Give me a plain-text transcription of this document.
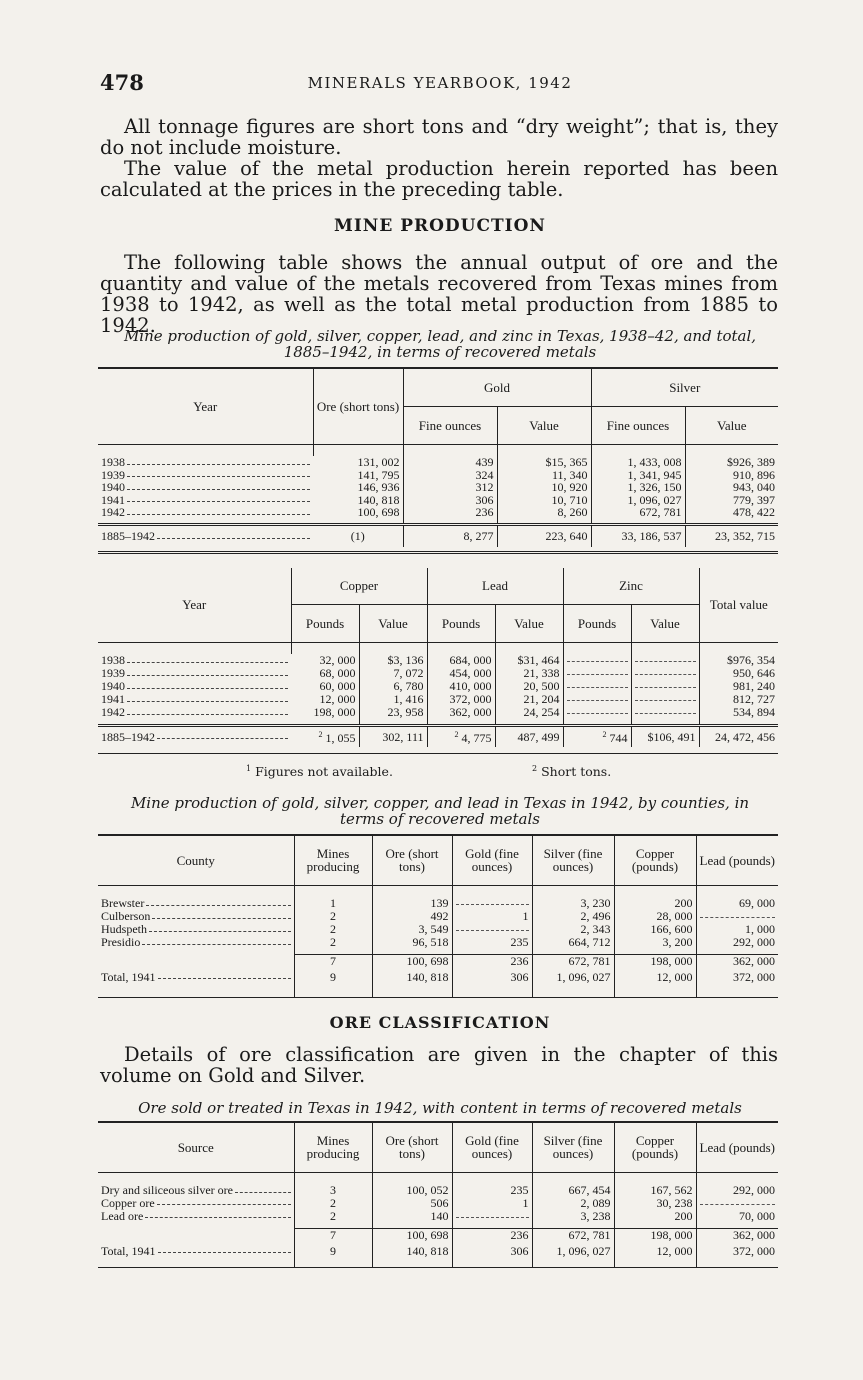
478	MINERALS YEARBOOK, 1942
All tonnage figures are short tons and “dry weight”; that is, they do not include moisture.
The value of the metal production herein reported has been calculated at the prices in the preceding table.
MINE PRODUCTION
The following table shows the annual output of ore and the quantity and value of the metals recovered from Texas mines from 1938 to 1942, as well as the total metal production from 1885 to 1942.
Mine production of gold, silver, copper, lead, and zinc in Texas, 1938–42, and total,
1885–1942, in terms of recovered metals
Year	Ore (short tons)	Gold		Silver	
		Fine ounces	Value	Fine ounces	Value

1938	131, 002	439	$15, 365	1, 433, 008	$926, 389

1939	141, 795	324	11, 340	1, 341, 945	910, 896

1940	146, 936	312	10, 920	1, 326, 150	943, 040

1941	140, 818	306	10, 710	1, 096, 027	779, 397

1942	100, 698	236	8, 260	672, 781	478, 422

1885–1942	(1)	8, 277	223, 640	33, 186, 537	23, 352, 715

Year	Copper		Lead		Zinc		Total value
	Pounds	Value	Pounds	Value	Pounds	Value	

1938	32, 000	$3, 136	684, 000	$31, 464			$976, 354

1939	68, 000	7, 072	454, 000	21, 338			950, 646

1940	60, 000	6, 780	410, 000	20, 500			981, 240

1941	12, 000	1, 416	372, 000	21, 204			812, 727

1942	198, 000	23, 958	362, 000	24, 254			534, 894

1885–1942	$^2$ 1, 055	302, 111	$^2$ 4, 775	487, 499	$^2$ 744	$106, 491	24, 472, 456

$^1$ Figures not available.	$^2$ Short tons.
Mine production of gold, silver, copper, and lead in Texas in 1942, by counties, in
terms of recovered metals
County	Mines producing	Ore (short tons)	Gold (fine ounces)	Silver (fine ounces)	Copper (pounds)	Lead (pounds)

Brewster	1	139		3, 230	200	69, 000

Culberson	2	492	1	2, 496	28, 000	

Hudspeth	2	3, 549		2, 343	166, 600	1, 000

Presidio	2	96, 518	235	664, 712	3, 200	292, 000

	7	100, 698	236	672, 781	198, 000	362, 000

Total, 1941	9	140, 818	306	1, 096, 027	12, 000	372, 000

ORE CLASSIFICATION
Details of ore classification are given in the chapter of this volume on Gold and Silver.
Ore sold or treated in Texas in 1942, with content in terms of recovered metals
Source	Mines producing	Ore (short tons)	Gold (fine ounces)	Silver (fine ounces)	Copper (pounds)	Lead (pounds)

Dry and siliceous silver ore	3	100, 052	235	667, 454	167, 562	292, 000

Copper ore	2	506	1	2, 089	30, 238	

Lead ore	2	140		3, 238	200	70, 000

	7	100, 698	236	672, 781	198, 000	362, 000

Total, 1941	9	140, 818	306	1, 096, 027	12, 000	372, 000
